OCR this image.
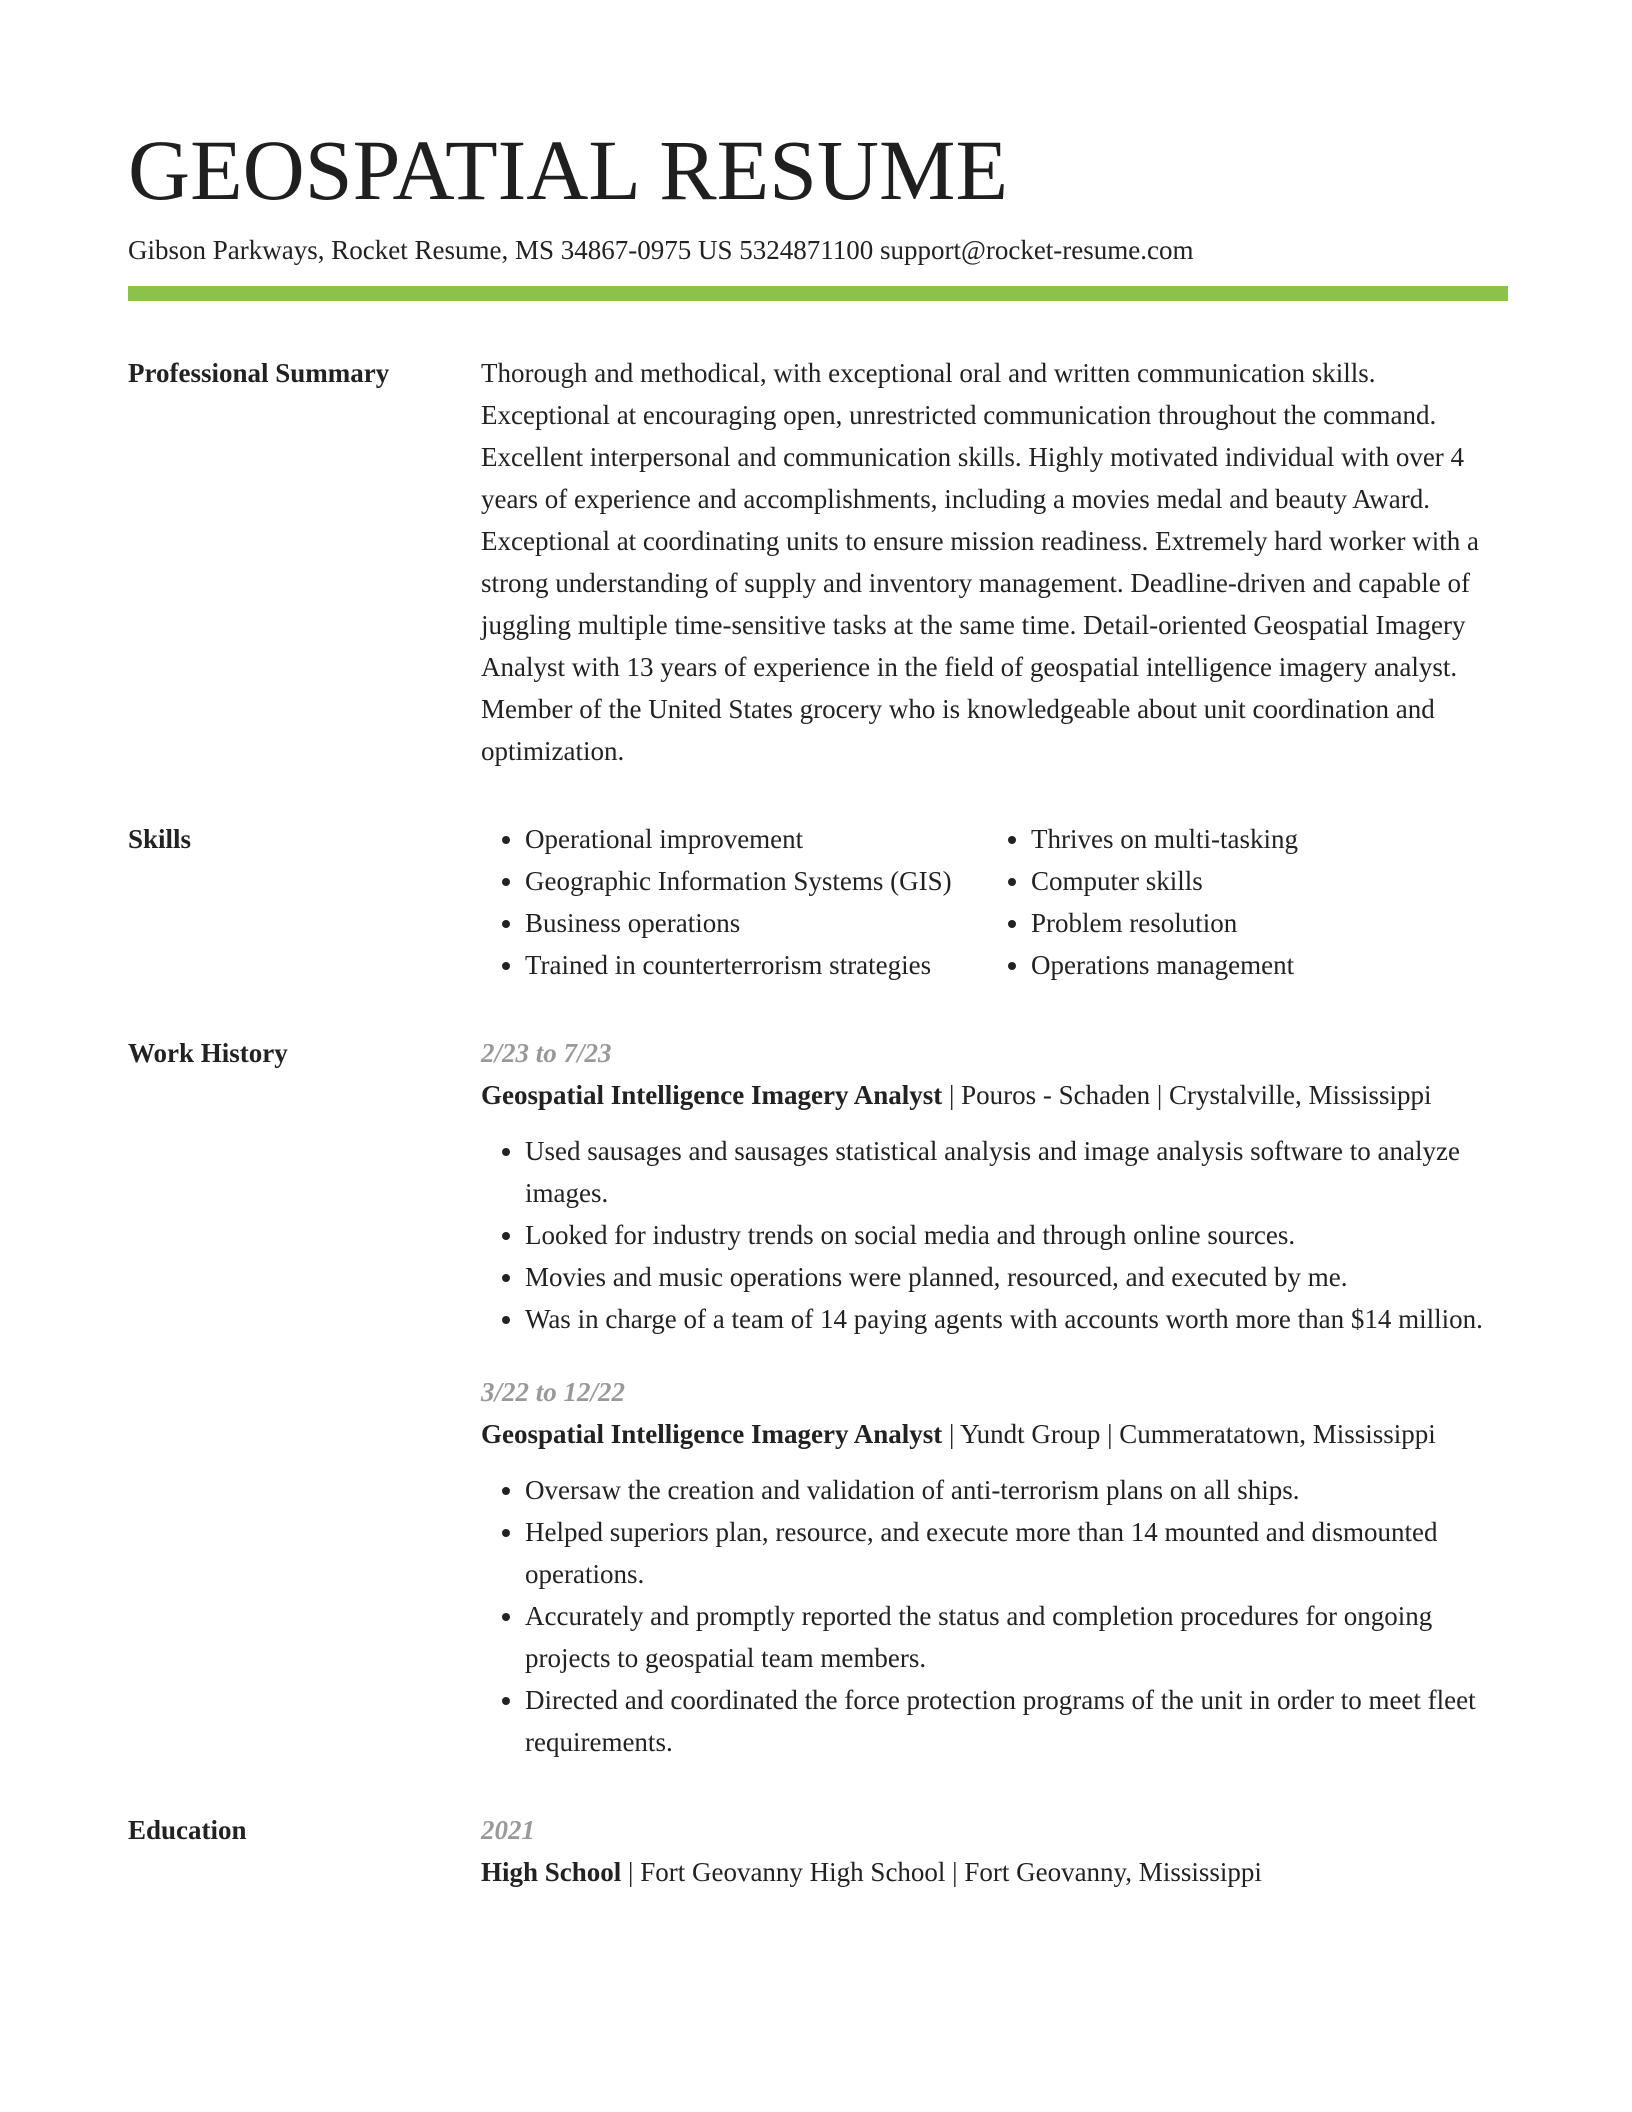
GEOSPATIAL RESUME
Gibson Parkways, Rocket Resume, MS 34867-0975 US 5324871100 support@rocket-resume.com
Professional Summary	Thorough and methodical, with exceptional oral and written communication skills. Exceptional at encouraging open, unrestricted communication throughout the command. Excellent interpersonal and communication skills. Highly motivated individual with over 4 years of experience and accomplishments, including a movies medal and beauty Award. Exceptional at coordinating units to ensure mission readiness. Extremely hard worker with a strong understanding of supply and inventory management. Deadline-driven and capable of juggling multiple time-sensitive tasks at the same time. Detail-oriented Geospatial Imagery Analyst with 13 years of experience in the field of geospatial intelligence imagery analyst. Member of the United States grocery who is knowledgeable about unit coordination and optimization.

Skills
•	Operational improvement
• Geographic Information Systems (GIS)
• Business operations
• Trained in counterterrorism strategies
• Thrives on multi-tasking
• Computer skills
• Problem resolution
• Operations management
Work History	2/23 to 7/23
Geospatial Intelligence Imagery Analyst | Pouros - Schaden | Crystalville, Mississippi
• Used sausages and sausages statistical analysis and image analysis software to analyze images.
• Looked for industry trends on social media and through online sources.
• Movies and music operations were planned, resourced, and executed by me.
• Was in charge of a team of 14 paying agents with accounts worth more than $14 million.
3/22 to 12/22
Geospatial Intelligence Imagery Analyst | Yundt Group | Cummeratatown, Mississippi
• Oversaw the creation and validation of anti-terrorism plans on all ships.
• Helped superiors plan, resource, and execute more than 14 mounted and dismounted operations.
• Accurately and promptly reported the status and completion procedures for ongoing projects to geospatial team members.
• Directed and coordinated the force protection programs of the unit in order to meet fleet requirements.
Education	2021
High School | Fort Geovanny High School | Fort Geovanny, Mississippi
